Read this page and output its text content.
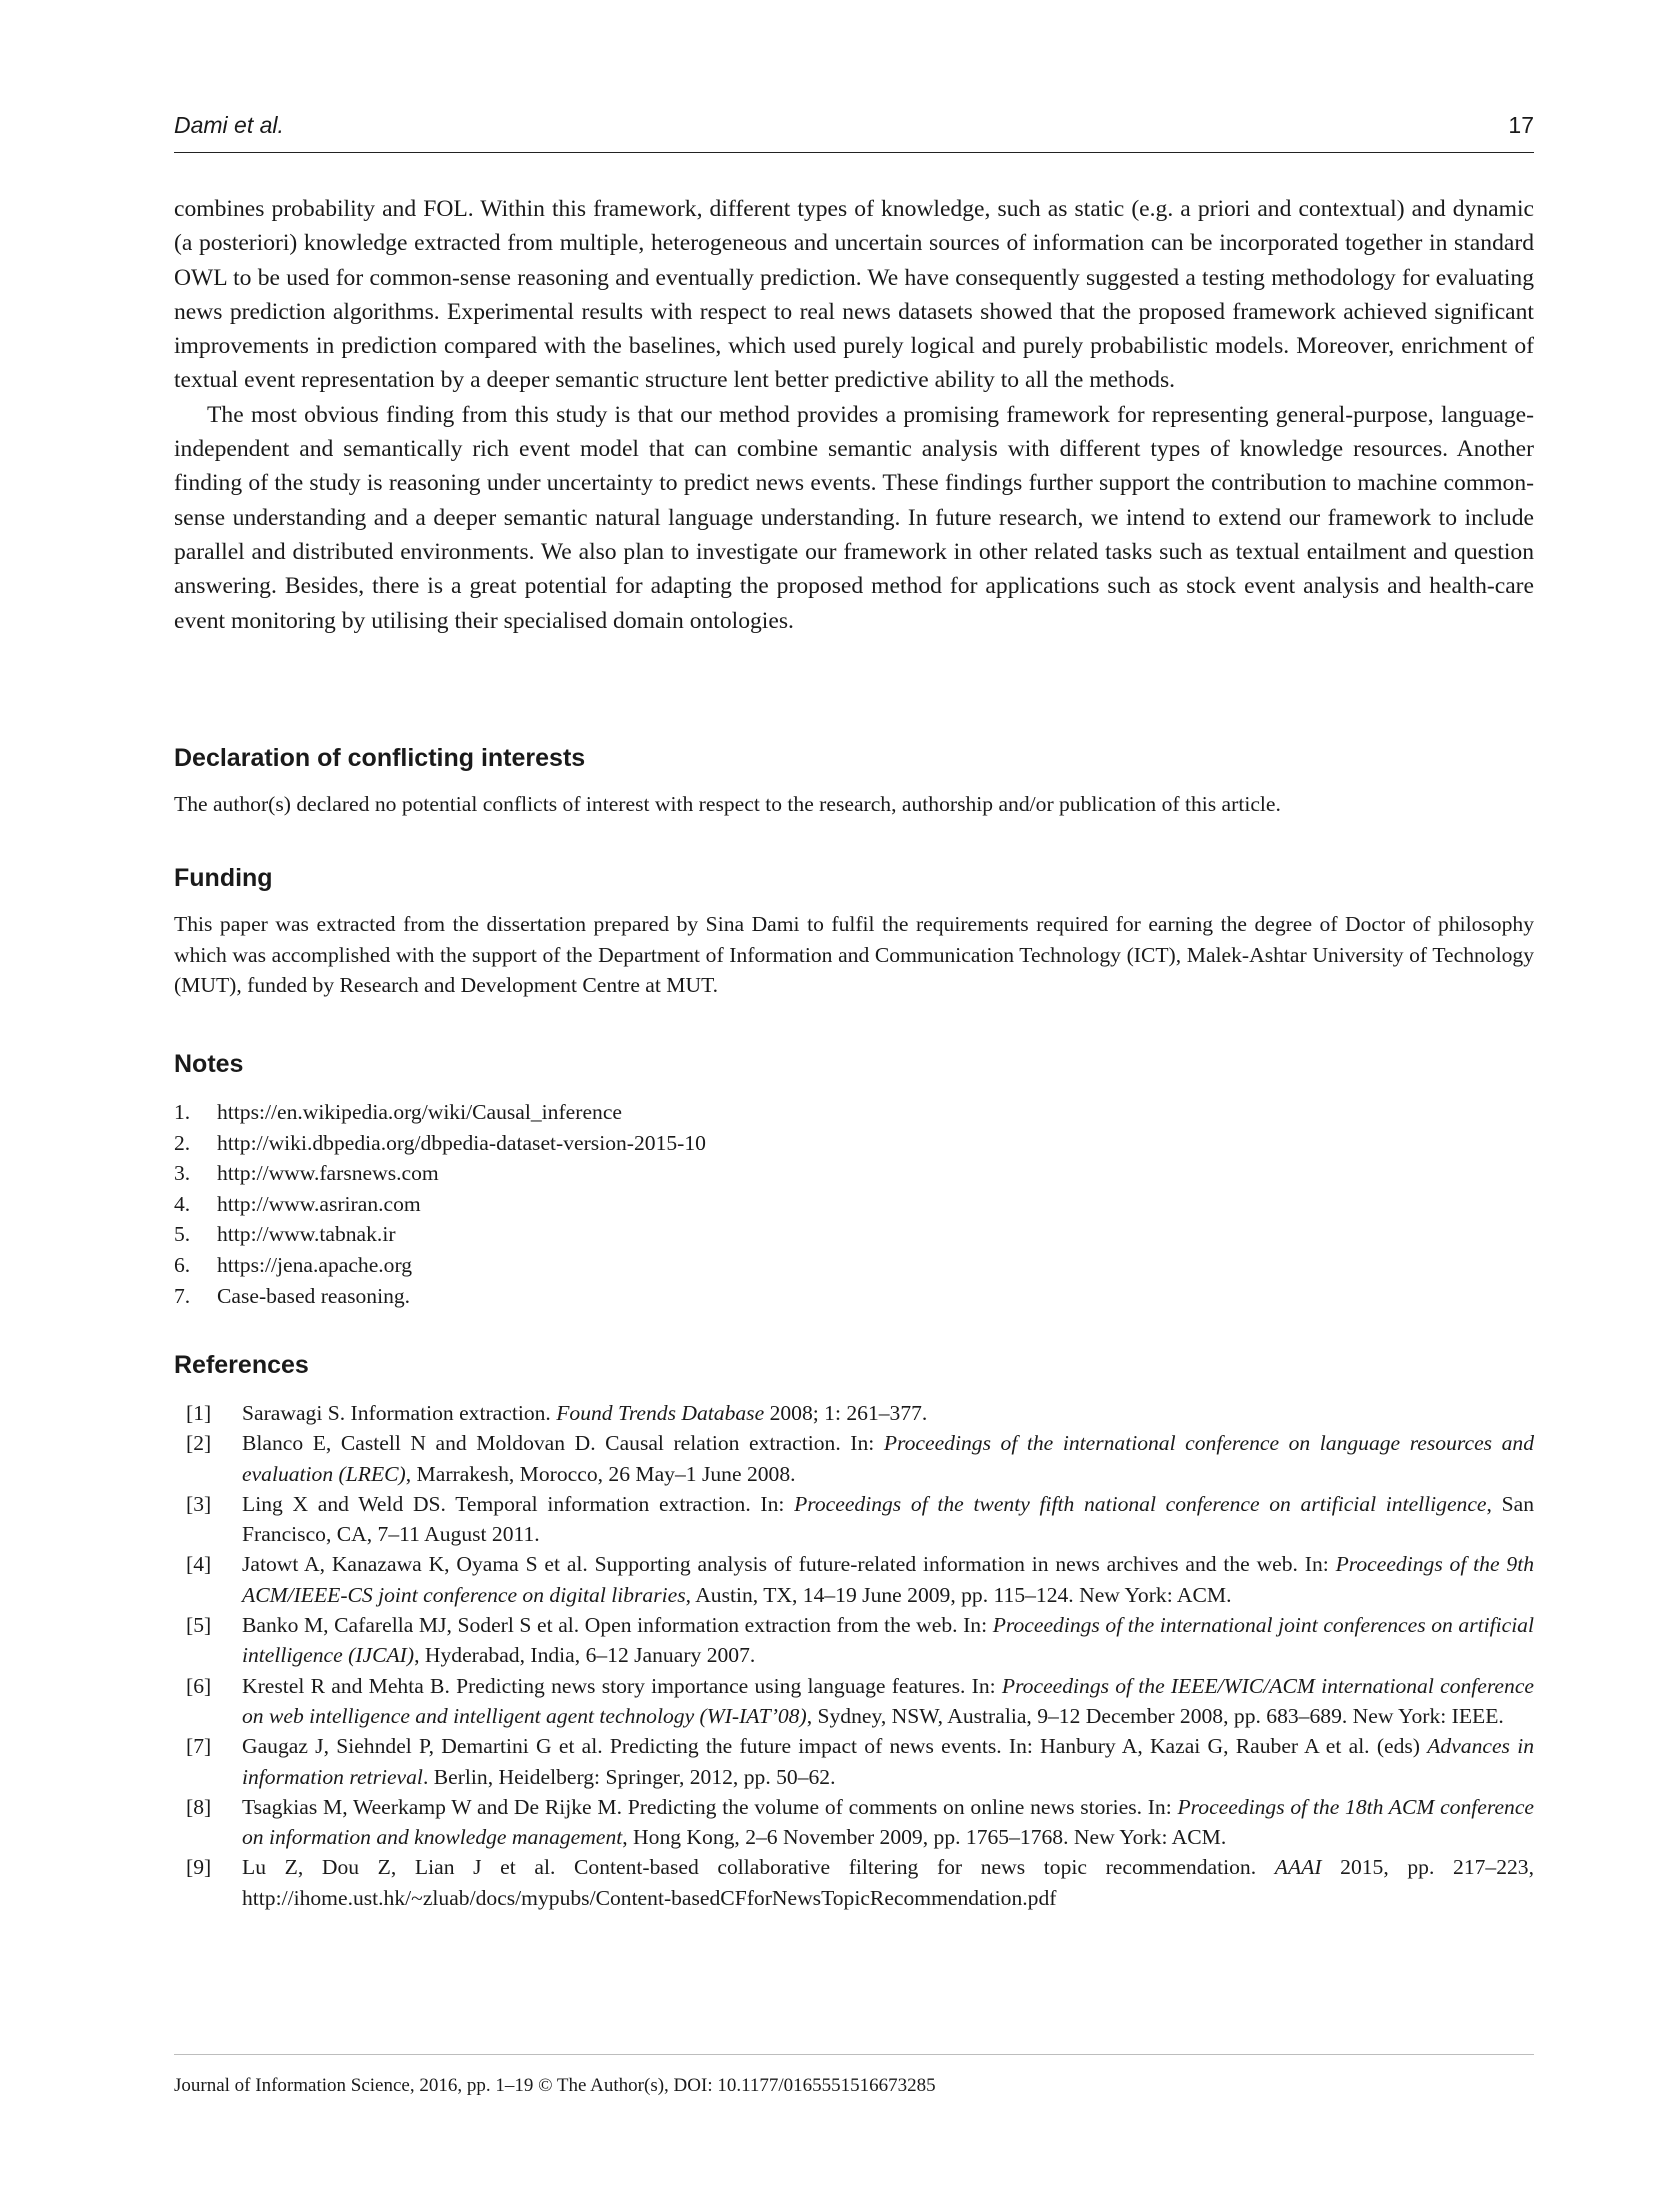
Dami et al.	17

combines probability and FOL. Within this framework, different types of knowledge, such as static (e.g. a priori and contextual) and dynamic (a posteriori) knowledge extracted from multiple, heterogeneous and uncertain sources of information can be incorporated together in standard OWL to be used for common-sense reasoning and eventually prediction. We have consequently suggested a testing methodology for evaluating news prediction algorithms. Experimental results with respect to real news datasets showed that the proposed framework achieved significant improvements in prediction compared with the baselines, which used purely logical and purely probabilistic models. Moreover, enrichment of textual event representation by a deeper semantic structure lent better predictive ability to all the methods.

The most obvious finding from this study is that our method provides a promising framework for representing general-purpose, language-independent and semantically rich event model that can combine semantic analysis with different types of knowledge resources. Another finding of the study is reasoning under uncertainty to predict news events. These findings further support the contribution to machine common-sense understanding and a deeper semantic natural language understanding. In future research, we intend to extend our framework to include parallel and distributed environments. We also plan to investigate our framework in other related tasks such as textual entailment and question answering. Besides, there is a great potential for adapting the proposed method for applications such as stock event analysis and health-care event monitoring by utilising their specialised domain ontologies.

Declaration of conflicting interests

The author(s) declared no potential conflicts of interest with respect to the research, authorship and/or publication of this article.

Funding

This paper was extracted from the dissertation prepared by Sina Dami to fulfil the requirements required for earning the degree of Doctor of philosophy which was accomplished with the support of the Department of Information and Communication Technology (ICT), Malek-Ashtar University of Technology (MUT), funded by Research and Development Centre at MUT.

Notes
1. https://en.wikipedia.org/wiki/Causal_inference
2. http://wiki.dbpedia.org/dbpedia-dataset-version-2015-10
3. http://www.farsnews.com
4. http://www.asriran.com
5. http://www.tabnak.ir
6. https://jena.apache.org
7. Case-based reasoning.
References
[1] Sarawagi S. Information extraction. Found Trends Database 2008; 1: 261–377.
[2] Blanco E, Castell N and Moldovan D. Causal relation extraction. In: Proceedings of the international conference on language resources and evaluation (LREC), Marrakesh, Morocco, 26 May–1 June 2008.
[3] Ling X and Weld DS. Temporal information extraction. In: Proceedings of the twenty fifth national conference on artificial intelligence, San Francisco, CA, 7–11 August 2011.
[4] Jatowt A, Kanazawa K, Oyama S et al. Supporting analysis of future-related information in news archives and the web. In: Proceedings of the 9th ACM/IEEE-CS joint conference on digital libraries, Austin, TX, 14–19 June 2009, pp. 115–124. New York: ACM.
[5] Banko M, Cafarella MJ, Soderl S et al. Open information extraction from the web. In: Proceedings of the international joint conferences on artificial intelligence (IJCAI), Hyderabad, India, 6–12 January 2007.
[6] Krestel R and Mehta B. Predicting news story importance using language features. In: Proceedings of the IEEE/WIC/ACM international conference on web intelligence and intelligent agent technology (WI-IAT’08), Sydney, NSW, Australia, 9–12 December 2008, pp. 683–689. New York: IEEE.
[7] Gaugaz J, Siehndel P, Demartini G et al. Predicting the future impact of news events. In: Hanbury A, Kazai G, Rauber A et al. (eds) Advances in information retrieval. Berlin, Heidelberg: Springer, 2012, pp. 50–62.
[8] Tsagkias M, Weerkamp W and De Rijke M. Predicting the volume of comments on online news stories. In: Proceedings of the 18th ACM conference on information and knowledge management, Hong Kong, 2–6 November 2009, pp. 1765–1768. New York: ACM.
[9] Lu Z, Dou Z, Lian J et al. Content-based collaborative filtering for news topic recommendation. AAAI 2015, pp. 217–223, http://ihome.ust.hk/~zluab/docs/mypubs/Content-basedCFforNewsTopicRecommendation.pdf
Journal of Information Science, 2016, pp. 1–19 © The Author(s), DOI: 10.1177/0165551516673285
